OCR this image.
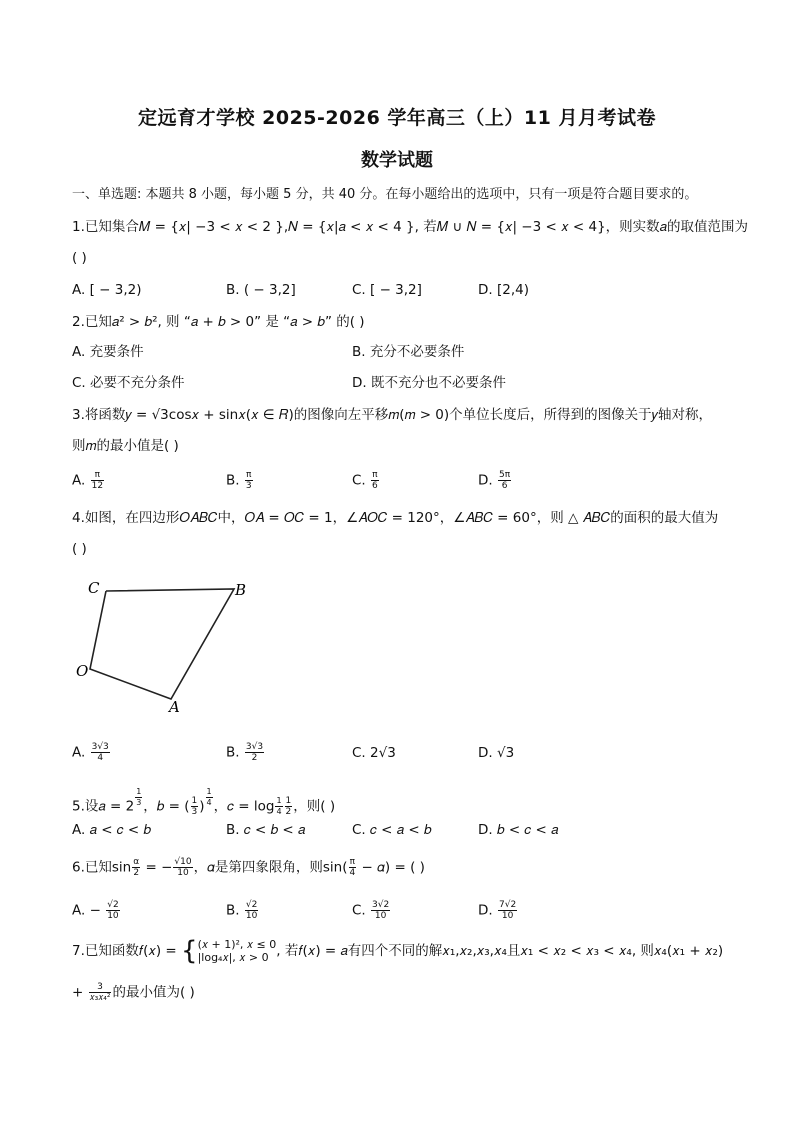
定远育才学校 2025-2026 学年高三（上）11 月月考试卷
数学试题
一、单选题: 本题共 8 小题，每小题 5 分，共 40 分。在每小题给出的选项中，只有一项是符合题目要求的。
1.已知集合𝑀 = {𝑥| −3 < 𝑥 < 2 },𝑁 = {𝑥|𝑎 < 𝑥 < 4 }, 若𝑀 ∪ 𝑁 = {𝑥| −3 < 𝑥 < 4}，则实数𝑎的取值范围为
( )
A. [ − 3,2)	B. ( − 3,2]	C. [ − 3,2]	D. [2,4)
2.已知𝑎² > 𝑏², 则 “𝑎 + 𝑏 > 0” 是 “𝑎 > 𝑏” 的( )
A. 充要条件	B. 充分不必要条件
C. 必要不充分条件	D. 既不充分也不必要条件
3.将函数𝑦 = √3cos𝑥 + sin𝑥(𝑥 ∈ 𝑅)的图像向左平移𝑚(𝑚 > 0)个单位长度后，所得到的图像关于𝑦轴对称，
则𝑚的最小值是( )
A. $\frac{\pi}{12}$	B. $\frac{\pi}{3}$	C. $\frac{\pi}{6}$	D. $\frac{5\pi}{6}$
4.如图，在四边形𝑂𝐴𝐵𝐶中，𝑂𝐴 = 𝑂𝐶 = 1，∠𝐴𝑂𝐶 = 120°，∠𝐴𝐵𝐶 = 60°，则 △ 𝐴𝐵𝐶的面积的最大值为
( )
C	B
O
A
A. $\frac{3√3}{4}$	B. $\frac{3√3}{2}$	C. 2√3	D. √3
5.设𝑎 = $2 \frac{1}{3}$ ，𝑏 = ( $\frac{1}{3}$ ) $\frac{1}{4}$ ，𝑐 = $\log \frac{1}{4} \frac{1}{2}$ ，则( )
A. 𝑎 < 𝑐 < 𝑏	B. 𝑐 < 𝑏 < 𝑎	C. 𝑐 < 𝑎 < 𝑏	D. 𝑏 < 𝑐 < 𝑎
6.已知$\sin \frac{\alpha}{2}$ = − $\frac{√10}{10}$ ，𝛼是第四象限角，则$\sin( \frac{\pi}{4}$ − 𝛼) = ( )
A. − $\frac{√2}{10}$	B. $\frac{√2}{10}$	C. $\frac{3√2}{10}$	D. $\frac{7√2}{10}$
7.已知函数𝑓(𝑥) = { (𝑥 + 1)², 𝑥 ≤ 0
|log₄𝑥|, 𝑥 > 0 , 若𝑓(𝑥) = 𝑎有四个不同的解𝑥₁,𝑥₂,𝑥₃,𝑥₄且𝑥₁ < 𝑥₂ < 𝑥₃ < 𝑥₄, 则𝑥₄(𝑥₁ + 𝑥₂)
+ $\frac{3}{\text{𝑥₃𝑥₄²}}$ 的最小值为( )
